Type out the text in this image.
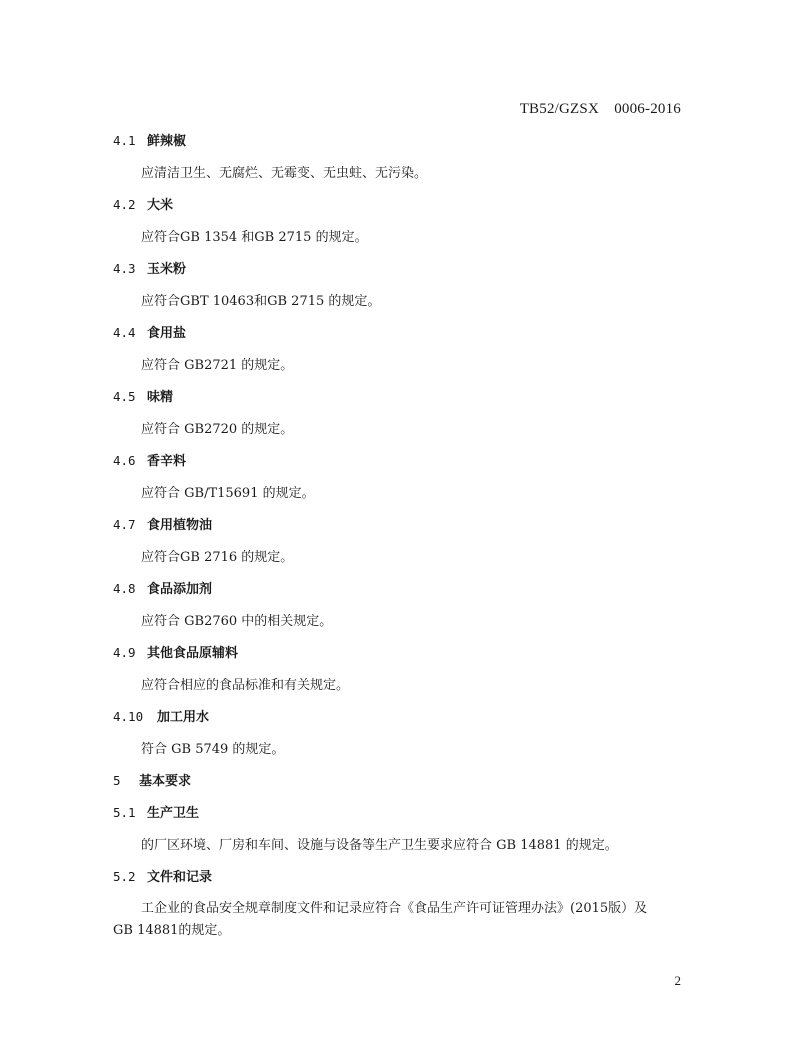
TB52/GZSX　0006-2016
4.1 鲜辣椒
应清洁卫生、无腐烂、无霉变、无虫蛀、无污染。
4.2 大米
应符合GB 1354 和GB 2715 的规定。
4.3 玉米粉
应符合GBT 10463和GB 2715 的规定。
4.4 食用盐
应符合 GB2721 的规定。
4.5 味精
应符合 GB2720 的规定。
4.6 香辛料
应符合 GB/T15691 的规定。
4.7 食用植物油
应符合GB 2716 的规定。
4.8 食品添加剂
应符合 GB2760 中的相关规定。
4.9 其他食品原辅料
应符合相应的食品标准和有关规定。
4.10 加工用水
符合 GB 5749 的规定。
5 基本要求
5.1 生产卫生
的厂区环境、厂房和车间、设施与设备等生产卫生要求应符合 GB 14881 的规定。
5.2 文件和记录
工企业的食品安全规章制度文件和记录应符合《食品生产许可证管理办法》(2015版）及
GB 14881的规定。
2
